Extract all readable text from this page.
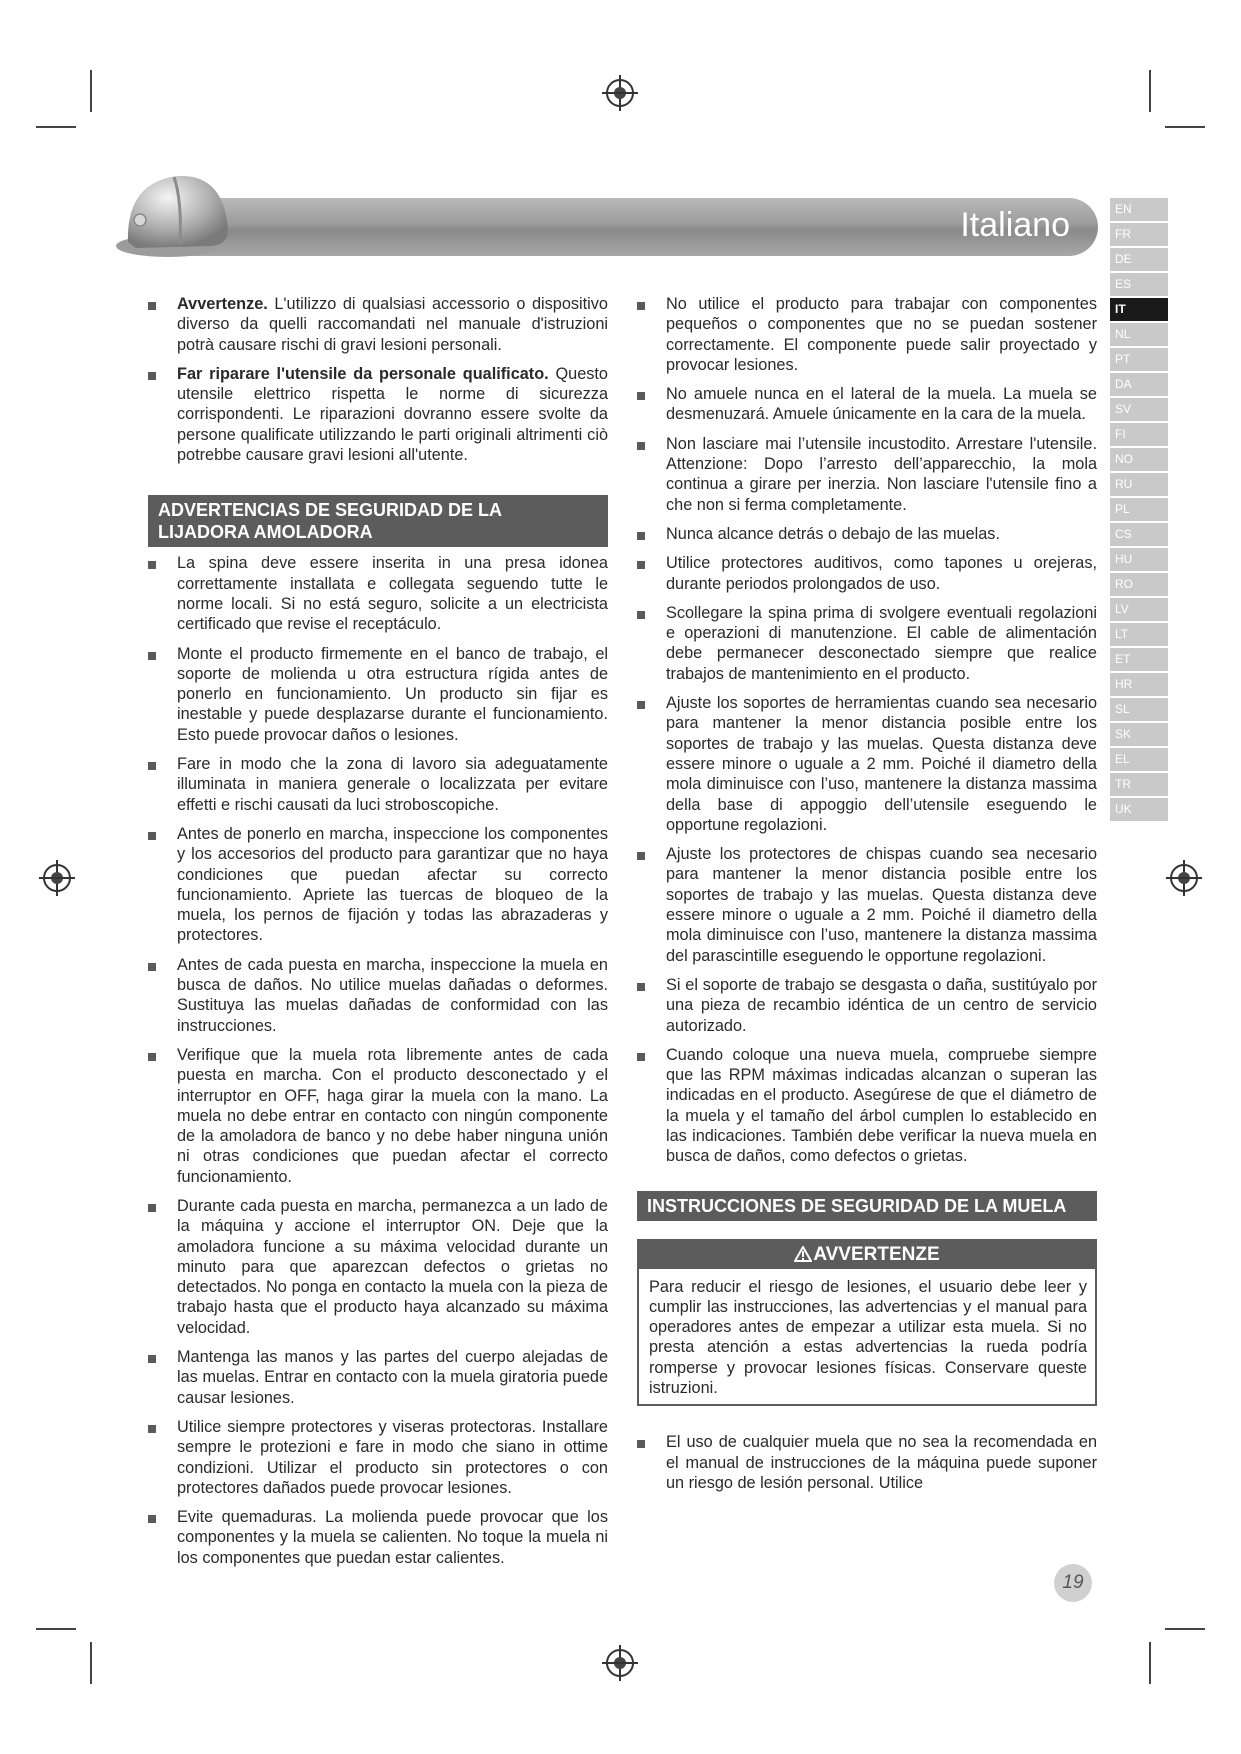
Italiano	EN
FR
DE
ES
IT
NL
PT
DA
SV
FI
NO
RU
PL
CS
HU
RO
LV
LT
ET
HR
SL
SK
EL
TR
UK
Avvertenze. L'utilizzo di qualsiasi accessorio o dispositivo diverso da quelli raccomandati nel manuale d'istruzioni potrà causare rischi di gravi lesioni personali.
Far riparare l'utensile da personale qualificato. Questo utensile elettrico rispetta le norme di sicurezza corrispondenti. Le riparazioni dovranno essere svolte da persone qualificate utilizzando le parti originali altrimenti ciò potrebbe causare gravi lesioni all'utente.
ADVERTENCIAS DE SEGURIDAD DE LA LIJADORA AMOLADORA
La spina deve essere inserita in una presa idonea correttamente installata e collegata seguendo tutte le norme locali. Si no está seguro, solicite a un electricista certificado que revise el receptáculo.
Monte el producto firmemente en el banco de trabajo, el soporte de molienda u otra estructura rígida antes de ponerlo en funcionamiento. Un producto sin fijar es inestable y puede desplazarse durante el funcionamiento. Esto puede provocar daños o lesiones.
Fare in modo che la zona di lavoro sia adeguatamente illuminata in maniera generale o localizzata per evitare effetti e rischi causati da luci stroboscopiche.
Antes de ponerlo en marcha, inspeccione los componentes y los accesorios del producto para garantizar que no haya condiciones que puedan afectar su correcto funcionamiento. Apriete las tuercas de bloqueo de la muela, los pernos de fijación y todas las abrazaderas y protectores.
Antes de cada puesta en marcha, inspeccione la muela en busca de daños. No utilice muelas dañadas o deformes. Sustituya las muelas dañadas de conformidad con las instrucciones.
Verifique que la muela rota libremente antes de cada puesta en marcha. Con el producto desconectado y el interruptor en OFF, haga girar la muela con la mano. La muela no debe entrar en contacto con ningún componente de la amoladora de banco y no debe haber ninguna unión ni otras condiciones que puedan afectar el correcto funcionamiento.
Durante cada puesta en marcha, permanezca a un lado de la máquina y accione el interruptor ON. Deje que la amoladora funcione a su máxima velocidad durante un minuto para que aparezcan defectos o grietas no detectados. No ponga en contacto la muela con la pieza de trabajo hasta que el producto haya alcanzado su máxima velocidad.
Mantenga las manos y las partes del cuerpo alejadas de las muelas. Entrar en contacto con la muela giratoria puede causar lesiones.
Utilice siempre protectores y viseras protectoras. Installare sempre le protezioni e fare in modo che siano in ottime condizioni. Utilizar el producto sin protectores o con protectores dañados puede provocar lesiones.
Evite quemaduras. La molienda puede provocar que los componentes y la muela se calienten. No toque la muela ni los componentes que puedan estar calientes.
No utilice el producto para trabajar con componentes pequeños o componentes que no se puedan sostener correctamente. El componente puede salir proyectado y provocar lesiones.
No amuele nunca en el lateral de la muela. La muela se desmenuzará. Amuele únicamente en la cara de la muela.
Non lasciare mai l’utensile incustodito. Arrestare l'utensile. Attenzione: Dopo l’arresto dell’apparecchio, la mola continua a girare per inerzia. Non lasciare l'utensile fino a che non si ferma completamente.
Nunca alcance detrás o debajo de las muelas.
Utilice protectores auditivos, como tapones u orejeras, durante periodos prolongados de uso.
Scollegare la spina prima di svolgere eventuali regolazioni e operazioni di manutenzione. El cable de alimentación debe permanecer desconectado siempre que realice trabajos de mantenimiento en el producto.
Ajuste los soportes de herramientas cuando sea necesario para mantener la menor distancia posible entre los soportes de trabajo y las muelas. Questa distanza deve essere minore o uguale a 2 mm. Poiché il diametro della mola diminuisce con l’uso, mantenere la distanza massima della base di appoggio dell’utensile eseguendo le opportune regolazioni.
Ajuste los protectores de chispas cuando sea necesario para mantener la menor distancia posible entre los soportes de trabajo y las muelas. Questa distanza deve essere minore o uguale a 2 mm. Poiché il diametro della mola diminuisce con l’uso, mantenere la distanza massima del parascintille eseguendo le opportune regolazioni.
Si el soporte de trabajo se desgasta o daña, sustitúyalo por una pieza de recambio idéntica de un centro de servicio autorizado.
Cuando coloque una nueva muela, compruebe siempre que las RPM máximas indicadas alcanzan o superan las indicadas en el producto. Asegúrese de que el diámetro de la muela y el tamaño del árbol cumplen lo establecido en las indicaciones. También debe verificar la nueva muela en busca de daños, como defectos o grietas.
INSTRUCCIONES DE SEGURIDAD DE LA MUELA
AVVERTENZE
Para reducir el riesgo de lesiones, el usuario debe leer y cumplir las instrucciones, las advertencias y el manual para operadores antes de empezar a utilizar esta muela. Si no presta atención a estas advertencias la rueda podría romperse y provocar lesiones físicas. Conservare queste istruzioni.
El uso de cualquier muela que no sea la recomendada en el manual de instrucciones de la máquina puede suponer un riesgo de lesión personal. Utilice
19
